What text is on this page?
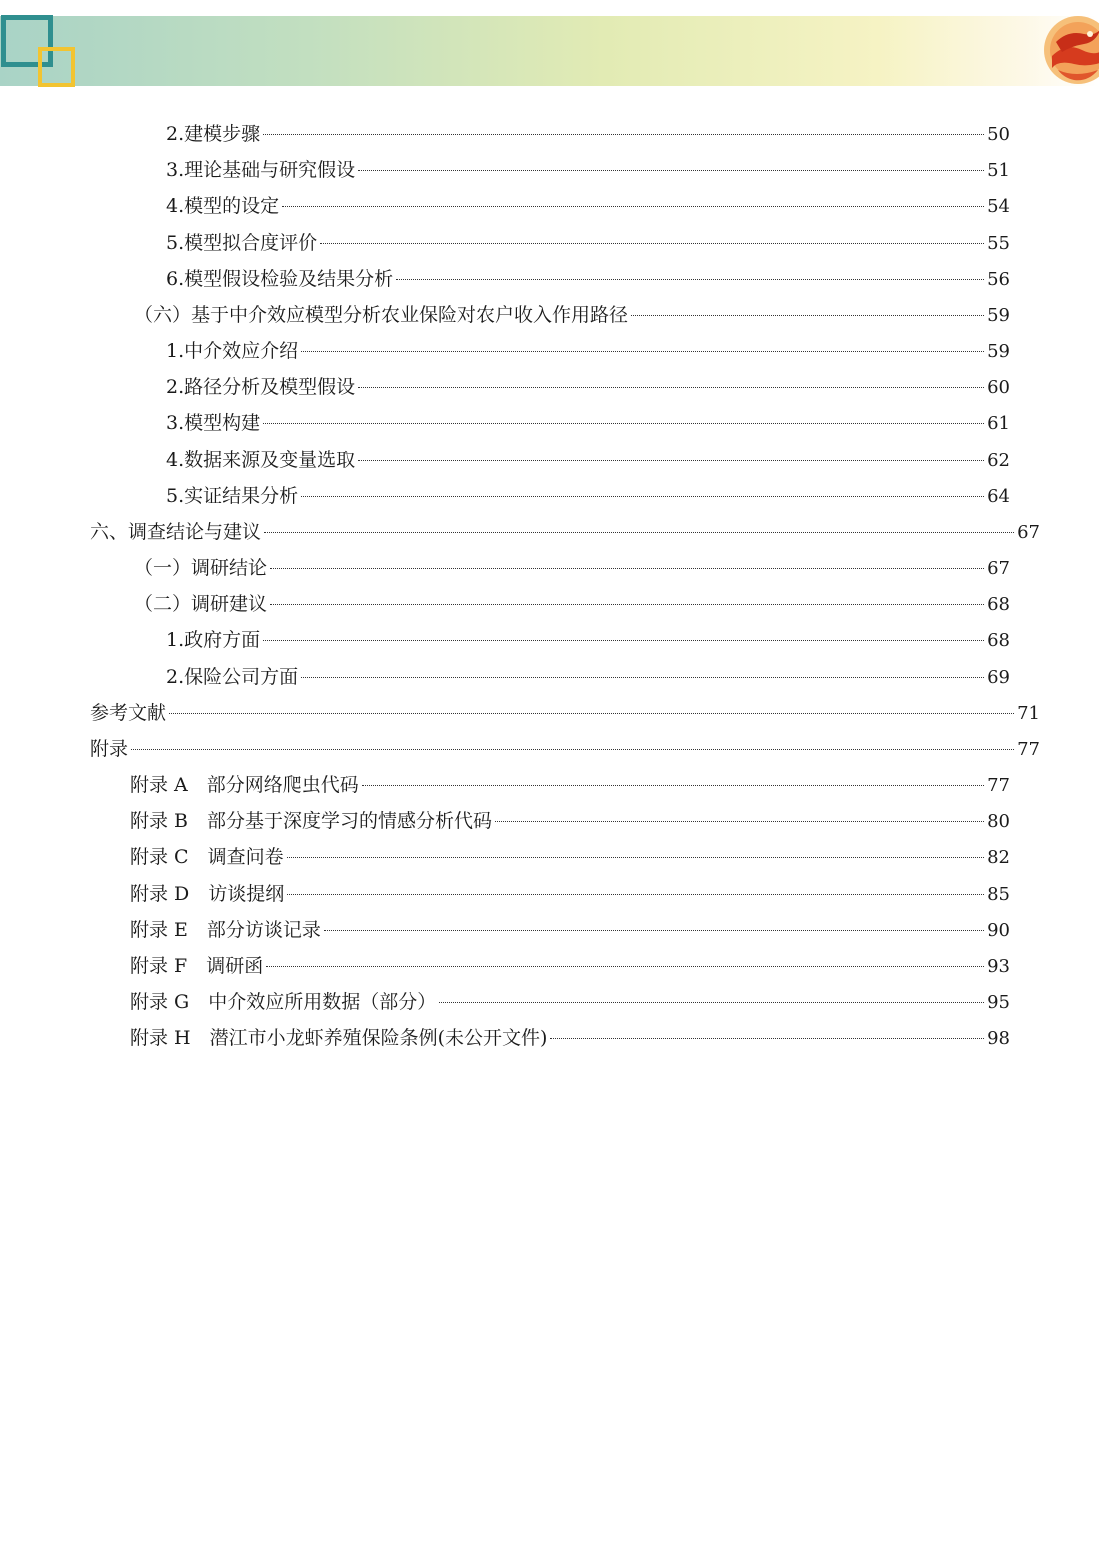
2.建模步骤	50
3.理论基础与研究假设	51
4.模型的设定	54
5.模型拟合度评价	55
6.模型假设检验及结果分析	56
（六）基于中介效应模型分析农业保险对农户收入作用路径	59
1.中介效应介绍	59
2.路径分析及模型假设	60
3.模型构建	61
4.数据来源及变量选取	62
5.实证结果分析	64
六、调查结论与建议	67
（一）调研结论	67
（二）调研建议	68
1.政府方面	68
2.保险公司方面	69
参考文献	71
附录	77
附录 A　部分网络爬虫代码	77
附录 B　部分基于深度学习的情感分析代码	80
附录 C　调查问卷	82
附录 D　访谈提纲	85
附录 E　部分访谈记录	90
附录 F　调研函	93
附录 G　中介效应所用数据（部分）	95
附录 H　潜江市小龙虾养殖保险条例(未公开文件)	98
